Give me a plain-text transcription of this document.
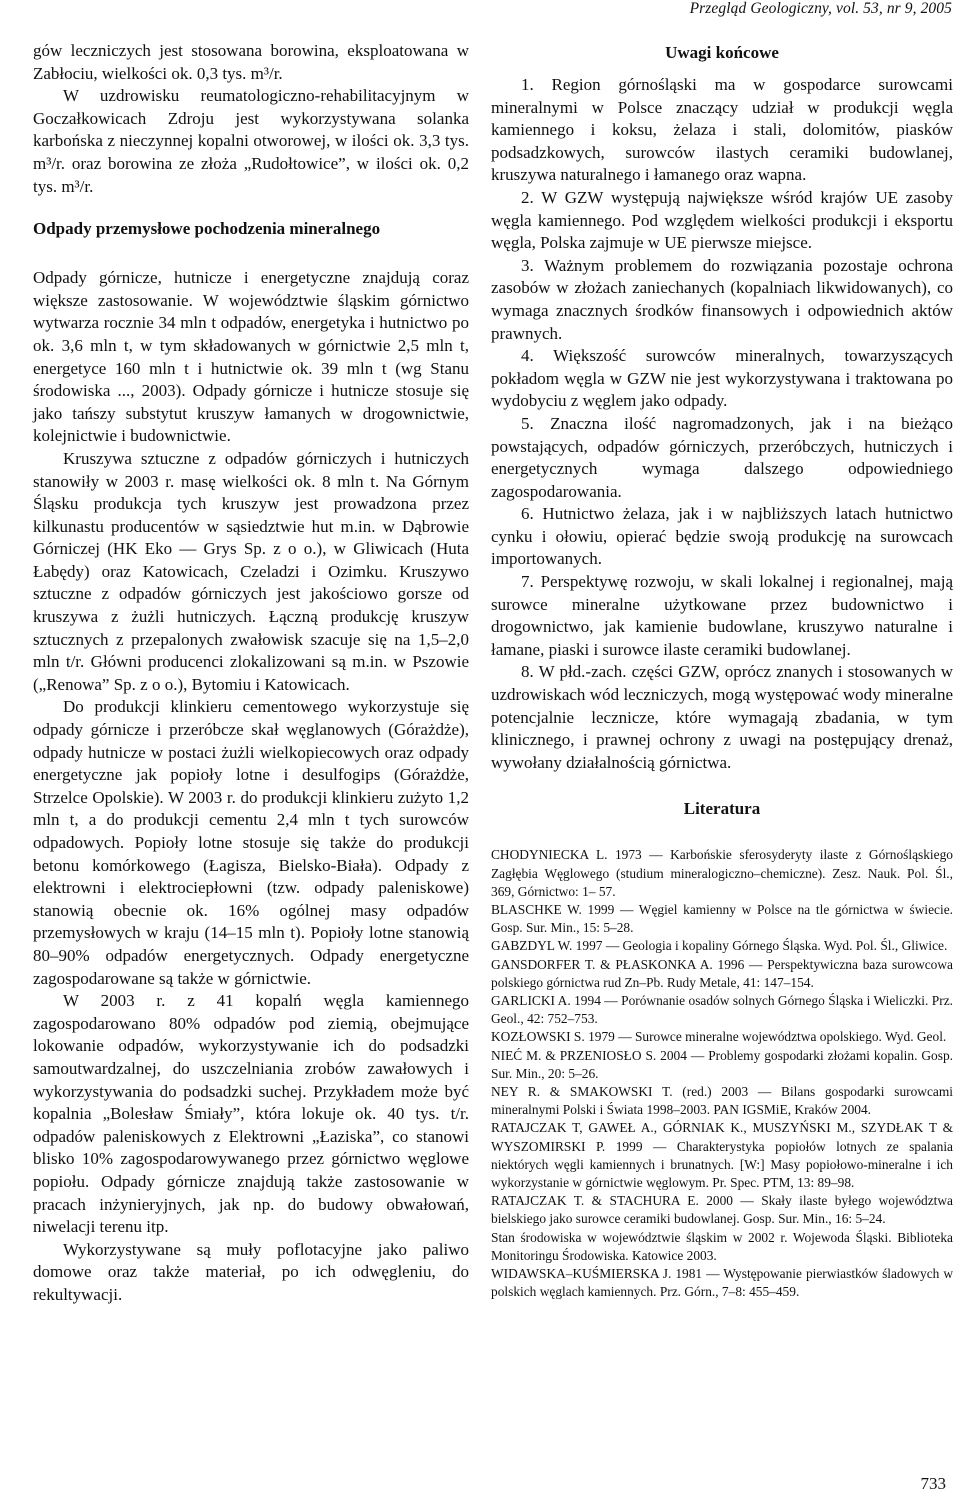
Przegląd Geologiczny, vol. 53, nr 9, 2005

gów leczniczych jest stosowana borowina, eksploatowana w Zabłociu, wielkości ok. 0,3 tys. m³/r.

W uzdrowisku reumatologiczno-rehabilitacyjnym w Goczałkowicach Zdroju jest wykorzystywana solanka karbońska z nieczynnej kopalni otworowej, w ilości ok. 3,3 tys. m³/r. oraz borowina ze złoża „Rudołtowice”, w ilości ok. 0,2 tys. m³/r.

Odpady przemysłowe pochodzenia mineralnego

Odpady górnicze, hutnicze i energetyczne znajdują coraz większe zastosowanie. W województwie śląskim górnictwo wytwarza rocznie 34 mln t odpadów, energetyka i hutnictwo po ok. 3,6 mln t, w tym składowanych w górnictwie 2,5 mln t, energetyce 160 mln t i hutnictwie ok. 39 mln t (wg Stanu środowiska ..., 2003). Odpady górnicze i hutnicze stosuje się jako tańszy substytut kruszyw łamanych w drogownictwie, kolejnictwie i budownictwie.

Kruszywa sztuczne z odpadów górniczych i hutniczych stanowiły w 2003 r. masę wielkości ok. 8 mln t. Na Górnym Śląsku produkcja tych kruszyw jest prowadzona przez kilkunastu producentów w sąsiedztwie hut m.in. w Dąbrowie Górniczej (HK Eko — Grys Sp. z o o.), w Gliwicach (Huta Łabędy) oraz Katowicach, Czeladzi i Ozimku. Kruszywo sztuczne z odpadów górniczych jest jakościowo gorsze od kruszywa z żużli hutniczych. Łączną produkcję kruszyw sztucznych z przepalonych zwałowisk szacuje się na 1,5–2,0 mln t/r. Główni producenci zlokalizowani są m.in. w Pszowie („Renowa” Sp. z o o.), Bytomiu i Katowicach.

Do produkcji klinkieru cementowego wykorzystuje się odpady górnicze i przeróbcze skał węglanowych (Górażdże), odpady hutnicze w postaci żużli wielkopiecowych oraz odpady energetyczne jak popioły lotne i desulfogips (Górażdże, Strzelce Opolskie). W 2003 r. do produkcji klinkieru zużyto 1,2 mln t, a do produkcji cementu 2,4 mln t tych surowców odpadowych. Popioły lotne stosuje się także do produkcji betonu komórkowego (Łagisza, Bielsko-Biała). Odpady z elektrowni i elektrociepłowni (tzw. odpady paleniskowe) stanowią obecnie ok. 16% ogólnej masy odpadów przemysłowych w kraju (14–15 mln t). Popioły lotne stanowią 80–90% odpadów energetycznych. Odpady energetyczne zagospodarowane są także w górnictwie.

W 2003 r. z 41 kopalń węgla kamiennego zagospodarowano 80% odpadów pod ziemią, obejmujące lokowanie odpadów, wykorzystywanie ich do podsadzki samoutwardzalnej, do uszczelniania zrobów zawałowych i wykorzystywania do podsadzki suchej. Przykładem może być kopalnia „Bolesław Śmiały”, która lokuje ok. 40 tys. t/r. odpadów paleniskowych z Elektrowni „Łaziska”, co stanowi blisko 10% zagospodarowywanego przez górnictwo węglowe popiołu. Odpady górnicze znajdują także zastosowanie w pracach inżynieryjnych, jak np. do budowy obwałowań, niwelacji terenu itp.

Wykorzystywane są muły poflotacyjne jako paliwo domowe oraz także materiał, po ich odwęgleniu, do rekultywacji.

Uwagi końcowe

1. Region górnośląski ma w gospodarce surowcami mineralnymi w Polsce znaczący udział w produkcji węgla kamiennego i koksu, żelaza i stali, dolomitów, piasków podsadzkowych, surowców ilastych ceramiki budowlanej, kruszywa naturalnego i łamanego oraz wapna.

2. W GZW występują największe wśród krajów UE zasoby węgla kamiennego. Pod względem wielkości produkcji i eksportu węgla, Polska zajmuje w UE pierwsze miejsce.

3. Ważnym problemem do rozwiązania pozostaje ochrona zasobów w złożach zaniechanych (kopalniach likwidowanych), co wymaga znacznych środków finansowych i odpowiednich aktów prawnych.

4. Większość surowców mineralnych, towarzyszących pokładom węgla w GZW nie jest wykorzystywana i traktowana po wydobyciu z węglem jako odpady.

5. Znaczna ilość nagromadzonych, jak i na bieżąco powstających, odpadów górniczych, przeróbczych, hutniczych i energetycznych wymaga dalszego odpowiedniego zagospodarowania.

6. Hutnictwo żelaza, jak i w najbliższych latach hutnictwo cynku i ołowiu, opierać będzie swoją produkcję na surowcach importowanych.

7. Perspektywę rozwoju, w skali lokalnej i regionalnej, mają surowce mineralne użytkowane przez budownictwo i drogownictwo, jak kamienie budowlane, kruszywo naturalne i łamane, piaski i surowce ilaste ceramiki budowlanej.

8. W płd.-zach. części GZW, oprócz znanych i stosowanych w uzdrowiskach wód leczniczych, mogą występować wody mineralne potencjalnie lecznicze, które wymagają zbadania, w tym klinicznego, i prawnej ochrony z uwagi na postępujący drenaż, wywołany działalnością górnictwa.

Literatura
CHODYNIECKA L. 1973 — Karbońskie sferosyderyty ilaste z Górnośląskiego Zagłębia Węglowego (studium mineralogiczno–chemiczne). Zesz. Nauk. Pol. Śl., 369, Górnictwo: 1– 57.
BLASCHKE W. 1999 — Węgiel kamienny w Polsce na tle górnictwa w świecie. Gosp. Sur. Min., 15: 5–28.
GABZDYL W. 1997 — Geologia i kopaliny Górnego Śląska. Wyd. Pol. Śl., Gliwice.
GANSDORFER T. & PŁASKONKA A. 1996 — Perspektywiczna baza surowcowa polskiego górnictwa rud Zn–Pb. Rudy Metale, 41: 147–154.
GARLICKI A. 1994 — Porównanie osadów solnych Górnego Śląska i Wieliczki. Prz. Geol., 42: 752–753.
KOZŁOWSKI S. 1979 — Surowce mineralne województwa opolskiego. Wyd. Geol.
NIEĆ M. & PRZENIOSŁO S. 2004 — Problemy gospodarki złożami kopalin. Gosp. Sur. Min., 20: 5–26.
NEY R. & SMAKOWSKI T. (red.) 2003 — Bilans gospodarki surowcami mineralnymi Polski i Świata 1998–2003. PAN IGSMiE, Kraków 2004.
RATAJCZAK T, GAWEŁ A., GÓRNIAK K., MUSZYŃSKI M., SZYDŁAK T & WYSZOMIRSKI P. 1999 — Charakterystyka popiołów lotnych ze spalania niektórych węgli kamiennych i brunatnych. [W:] Masy popiołowo-mineralne i ich wykorzystanie w górnictwie węglowym. Pr. Spec. PTM, 13: 89–98.
RATAJCZAK T. & STACHURA E. 2000 — Skały ilaste byłego województwa bielskiego jako surowce ceramiki budowlanej. Gosp. Sur. Min., 16: 5–24.
Stan środowiska w województwie śląskim w 2002 r. Wojewoda Śląski. Biblioteka Monitoringu Środowiska. Katowice 2003.
WIDAWSKA–KUŚMIERSKA J. 1981 — Występowanie pierwiastków śladowych w polskich węglach kamiennych. Prz. Górn., 7–8: 455–459.
733
